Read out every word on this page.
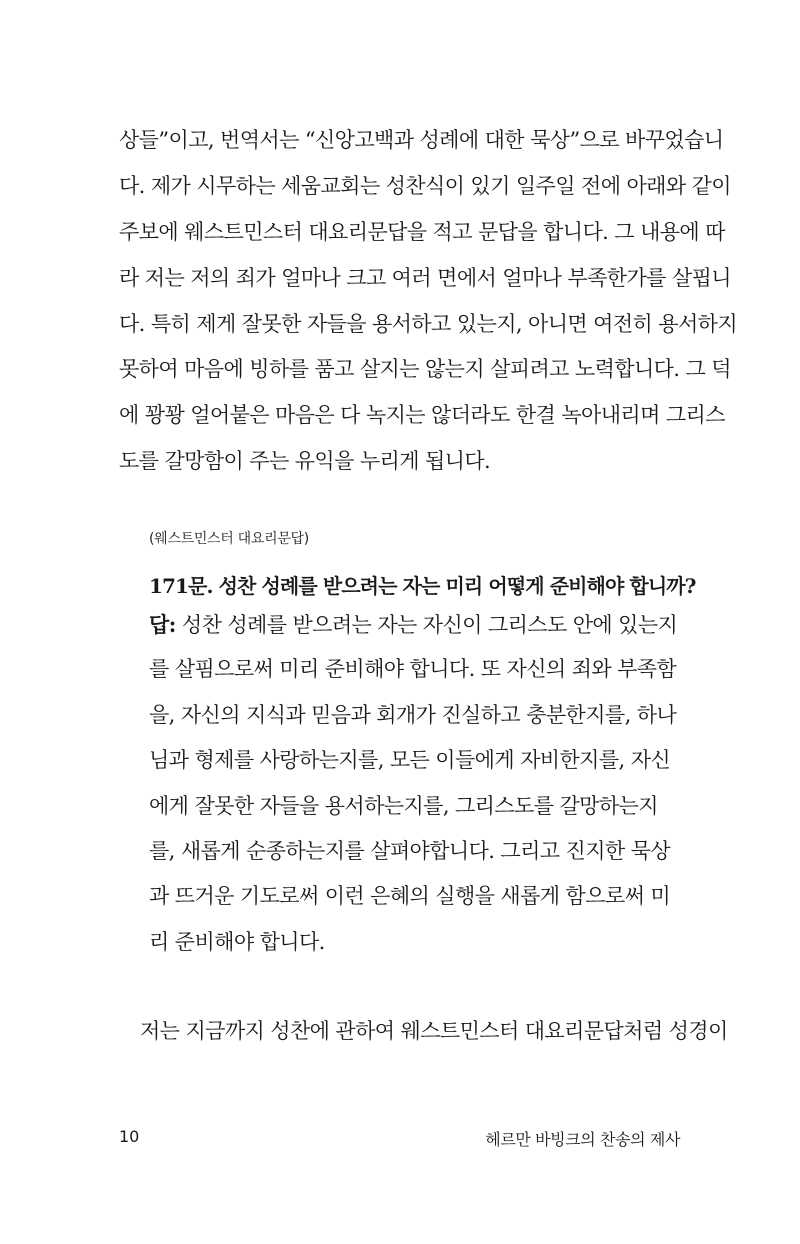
상들”이고, 번역서는 “신앙고백과 성례에 대한 묵상”으로 바꾸었습니
다. 제가 시무하는 세움교회는 성찬식이 있기 일주일 전에 아래와 같이
주보에 웨스트민스터 대요리문답을 적고 문답을 합니다. 그 내용에 따
라 저는 저의 죄가 얼마나 크고 여러 면에서 얼마나 부족한가를 살핍니
다. 특히 제게 잘못한 자들을 용서하고 있는지, 아니면 여전히 용서하지
못하여 마음에 빙하를 품고 살지는 않는지 살피려고 노력합니다. 그 덕
에 꽝꽝 얼어붙은 마음은 다 녹지는 않더라도 한결 녹아내리며 그리스
도를 갈망함이 주는 유익을 누리게 됩니다.
(웨스트민스터 대요리문답)
171문. 성찬 성례를 받으려는 자는 미리 어떻게 준비해야 합니까?
답: 성찬 성례를 받으려는 자는 자신이 그리스도 안에 있는지
를 살핌으로써 미리 준비해야 합니다. 또 자신의 죄와 부족함
을, 자신의 지식과 믿음과 회개가 진실하고 충분한지를, 하나
님과 형제를 사랑하는지를, 모든 이들에게 자비한지를, 자신
에게 잘못한 자들을 용서하는지를, 그리스도를 갈망하는지
를, 새롭게 순종하는지를 살펴야합니다. 그리고 진지한 묵상
과 뜨거운 기도로써 이런 은혜의 실행을 새롭게 함으로써 미
리 준비해야 합니다.
저는 지금까지 성찬에 관하여 웨스트민스터 대요리문답처럼 성경이
10	헤르만 바빙크의 찬송의 제사
